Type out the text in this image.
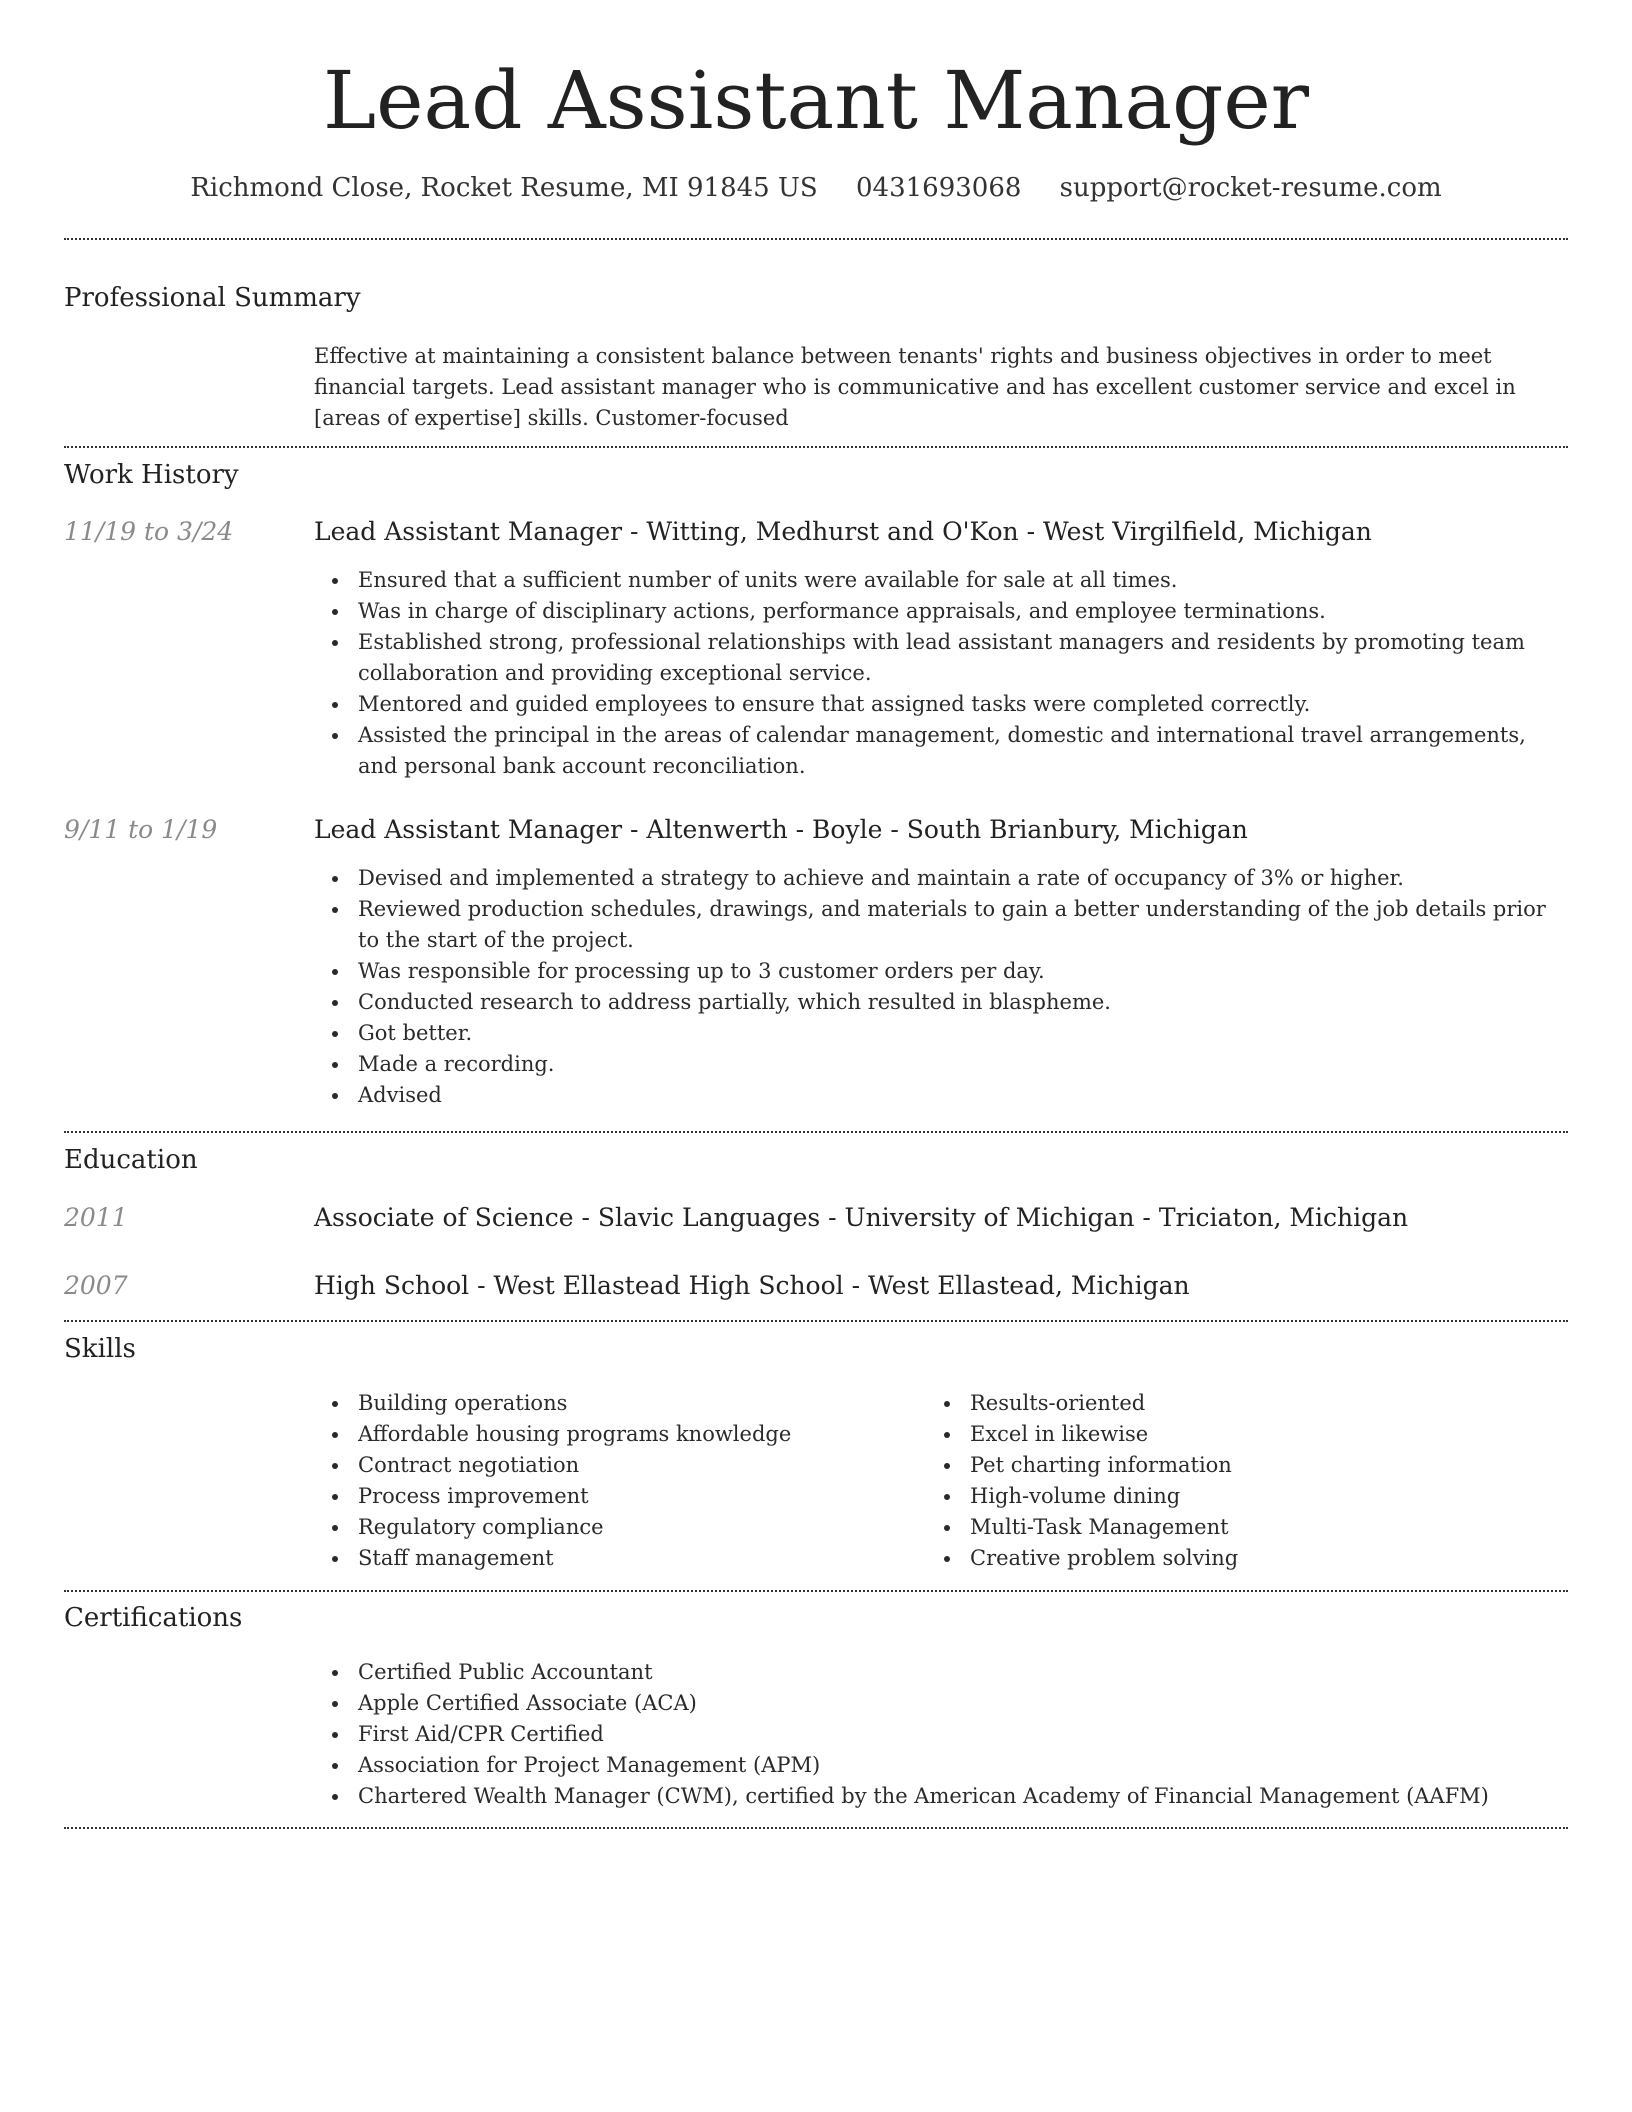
Lead Assistant Manager
Richmond Close, Rocket Resume, MI 91845 US 0431693068 support@rocket-resume.com
Professional Summary
Effective at maintaining a consistent balance between tenants' rights and business objectives in order to meet financial targets. Lead assistant manager who is communicative and has excellent customer service and excel in [areas of expertise] skills. Customer-focused
Work History
11/19 to 3/24	Lead Assistant Manager - Witting, Medhurst and O'Kon - West Virgilfield, Michigan
Ensured that a sufficient number of units were available for sale at all times.
Was in charge of disciplinary actions, performance appraisals, and employee terminations.
Established strong, professional relationships with lead assistant managers and residents by promoting team collaboration and providing exceptional service.
Mentored and guided employees to ensure that assigned tasks were completed correctly.
Assisted the principal in the areas of calendar management, domestic and international travel arrangements, and personal bank account reconciliation.
9/11 to 1/19	Lead Assistant Manager - Altenwerth - Boyle - South Brianbury, Michigan
Devised and implemented a strategy to achieve and maintain a rate of occupancy of 3% or higher.
Reviewed production schedules, drawings, and materials to gain a better understanding of the job details prior to the start of the project.
Was responsible for processing up to 3 customer orders per day.
Conducted research to address partially, which resulted in blaspheme.
Got better.
Made a recording.
Advised
Education
2011	Associate of Science - Slavic Languages - University of Michigan - Triciaton, Michigan
2007	High School - West Ellastead High School - West Ellastead, Michigan
Skills
Building operations
Affordable housing programs knowledge
Contract negotiation
Process improvement
Regulatory compliance
Staff management
Results-oriented
Excel in likewise
Pet charting information
High-volume dining
Multi-Task Management
Creative problem solving
Certifications
Certified Public Accountant
Apple Certified Associate (ACA)
First Aid/CPR Certified
Association for Project Management (APM)
Chartered Wealth Manager (CWM), certified by the American Academy of Financial Management (AAFM)
